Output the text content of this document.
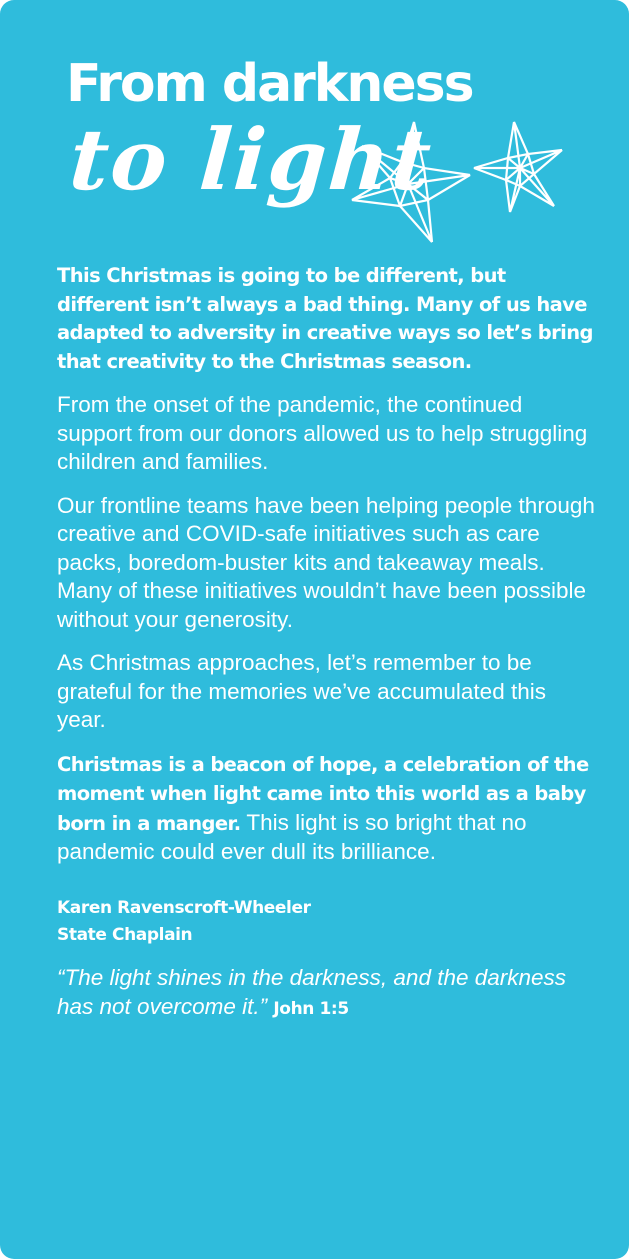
From darkness
to light

This Christmas is going to be different, but different isn’t always a bad thing. Many of us have adapted to adversity in creative ways so let’s bring that creativity to the Christmas season.

From the onset of the pandemic, the continued support from our donors allowed us to help struggling children and families.

Our frontline teams have been helping people through creative and COVID-safe initiatives such as care packs, boredom-buster kits and takeaway meals. Many of these initiatives wouldn’t have been possible without your generosity.

As Christmas approaches, let’s remember to be grateful for the memories we’ve accumulated this year.

Christmas is a beacon of hope, a celebration of the moment when light came into this world as a baby born in a manger. This light is so bright that no pandemic could ever dull its brilliance.

Karen Ravenscroft-Wheeler
State Chaplain
“The light shines in the darkness, and the darkness has not overcome it.” John 1:5
